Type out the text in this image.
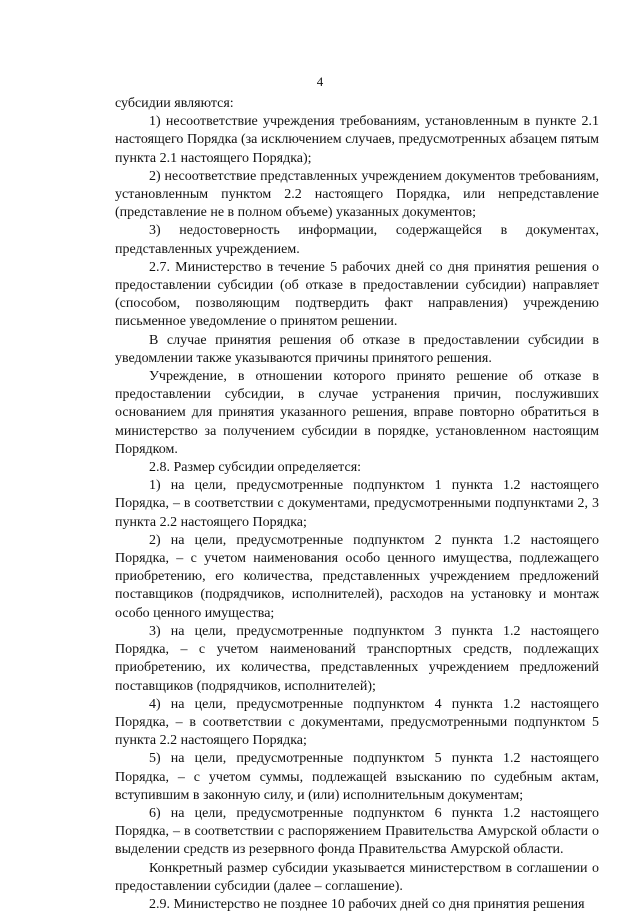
4

субсидии являются:

1) несоответствие учреждения требованиям, установленным в пункте 2.1 настоящего Порядка (за исключением случаев, предусмотренных абзацем пятым пункта 2.1 настоящего Порядка);

2) несоответствие представленных учреждением документов требованиям, установленным пунктом 2.2 настоящего Порядка, или непредставление (представление не в полном объеме) указанных документов;

3) недостоверность информации, содержащейся в документах, представленных учреждением.

2.7. Министерство в течение 5 рабочих дней со дня принятия решения о предоставлении субсидии (об отказе в предоставлении субсидии) направляет (способом, позволяющим подтвердить факт направления) учреждению письменное уведомление о принятом решении.

В случае принятия решения об отказе в предоставлении субсидии в уведомлении также указываются причины принятого решения.

Учреждение, в отношении которого принято решение об отказе в предоставлении субсидии, в случае устранения причин, послуживших основанием для принятия указанного решения, вправе повторно обратиться в министерство за получением субсидии в порядке, установленном настоящим Порядком.

2.8. Размер субсидии определяется:

1) на цели, предусмотренные подпунктом 1 пункта 1.2 настоящего Порядка, – в соответствии с документами, предусмотренными подпунктами 2, 3 пункта 2.2 настоящего Порядка;

2) на цели, предусмотренные подпунктом 2 пункта 1.2 настоящего Порядка, – с учетом наименования особо ценного имущества, подлежащего приобретению, его количества, представленных учреждением предложений поставщиков (подрядчиков, исполнителей), расходов на установку и монтаж особо ценного имущества;

3) на цели, предусмотренные подпунктом 3 пункта 1.2 настоящего Порядка, – с учетом наименований транспортных средств, подлежащих приобретению, их количества, представленных учреждением предложений поставщиков (подрядчиков, исполнителей);

4) на цели, предусмотренные подпунктом 4 пункта 1.2 настоящего Порядка, – в соответствии с документами, предусмотренными подпунктом 5 пункта 2.2 настоящего Порядка;

5) на цели, предусмотренные подпунктом 5 пункта 1.2 настоящего Порядка, – с учетом суммы, подлежащей взысканию по судебным актам, вступившим в законную силу, и (или) исполнительным документам;

6) на цели, предусмотренные подпунктом 6 пункта 1.2 настоящего Порядка, – в соответствии с распоряжением Правительства Амурской области о выделении средств из резервного фонда Правительства Амурской области.

Конкретный размер субсидии указывается министерством в соглашении о предоставлении субсидии (далее – соглашение).

2.9. Министерство не позднее 10 рабочих дней со дня принятия решения
